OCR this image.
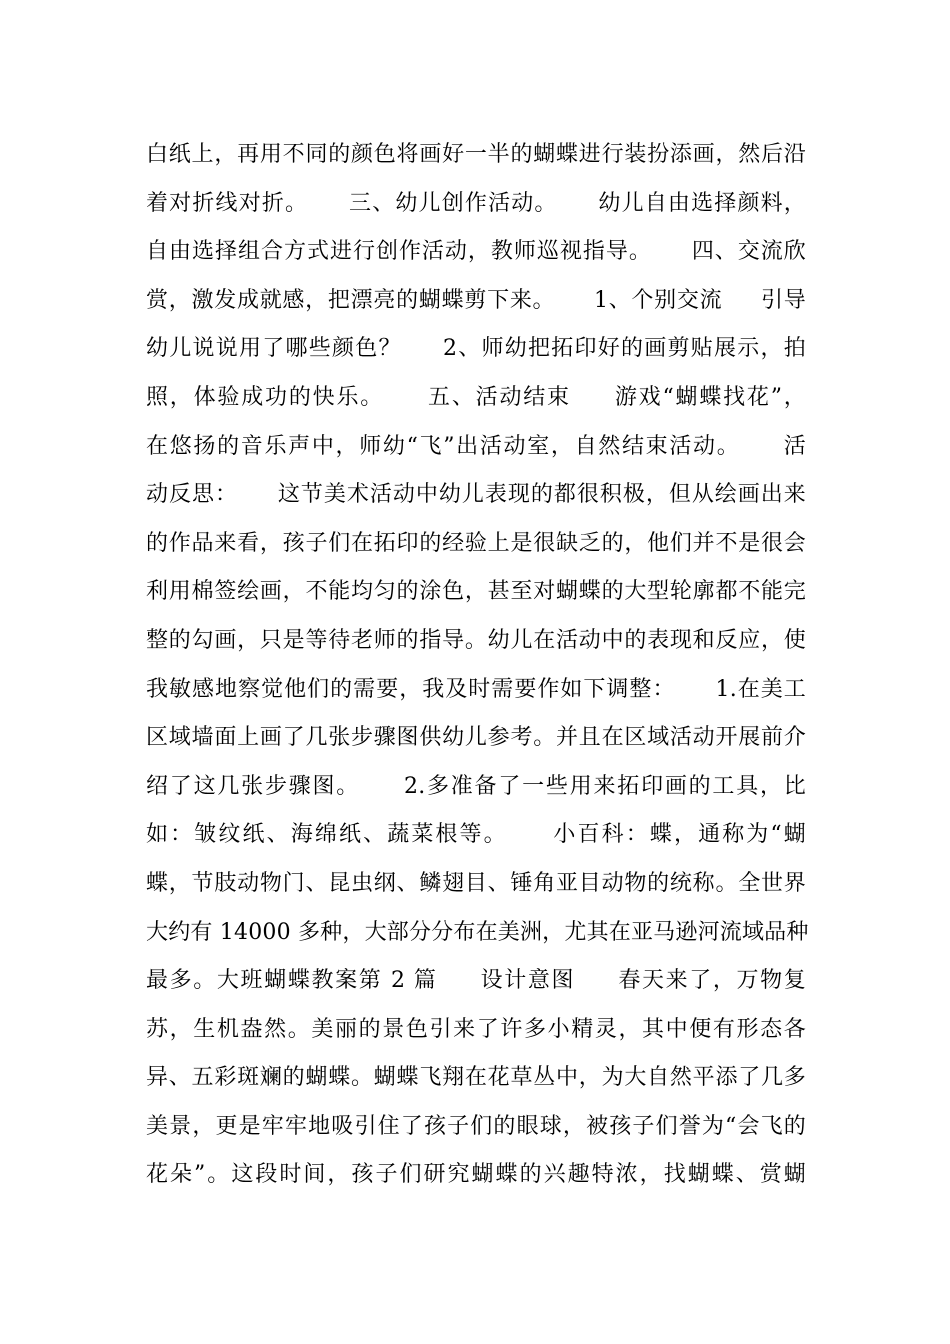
白纸上，再用不同的颜色将画好一半的蝴蝶进行装扮添画，然后沿
着对折线对折。     三、幼儿创作活动。     幼儿自由选择颜料，
自由选择组合方式进行创作活动，教师巡视指导。     四、交流欣
赏，激发成就感，把漂亮的蝴蝶剪下来。     1、个别交流     引导
幼儿说说用了哪些颜色？     2、师幼把拓印好的画剪贴展示，拍
照，体验成功的快乐。     五、活动结束     游戏“蝴蝶找花”，
在悠扬的音乐声中，师幼“飞”出活动室，自然结束活动。     活
动反思：     这节美术活动中幼儿表现的都很积极，但从绘画出来
的作品来看，孩子们在拓印的经验上是很缺乏的，他们并不是很会
利用棉签绘画，不能均匀的涂色，甚至对蝴蝶的大型轮廓都不能完
整的勾画，只是等待老师的指导。幼儿在活动中的表现和反应，使
我敏感地察觉他们的需要，我及时需要作如下调整：     1.在美工
区域墙面上画了几张步骤图供幼儿参考。并且在区域活动开展前介
绍了这几张步骤图。     2.多准备了一些用来拓印画的工具，比
如：皱纹纸、海绵纸、蔬菜根等。     小百科：蝶，通称为“蝴
蝶，节肢动物门、昆虫纲、鳞翅目、锤角亚目动物的统称。全世界
大约有 14000 多种，大部分分布在美洲，尤其在亚马逊河流域品种
最多。大班蝴蝶教案第 2 篇     设计意图     春天来了，万物复
苏，生机盎然。美丽的景色引来了许多小精灵，其中便有形态各
异、五彩斑斓的蝴蝶。蝴蝶飞翔在花草丛中，为大自然平添了几多
美景，更是牢牢地吸引住了孩子们的眼球，被孩子们誉为“会飞的
花朵”。这段时间，孩子们研究蝴蝶的兴趣特浓，找蝴蝶、赏蝴
